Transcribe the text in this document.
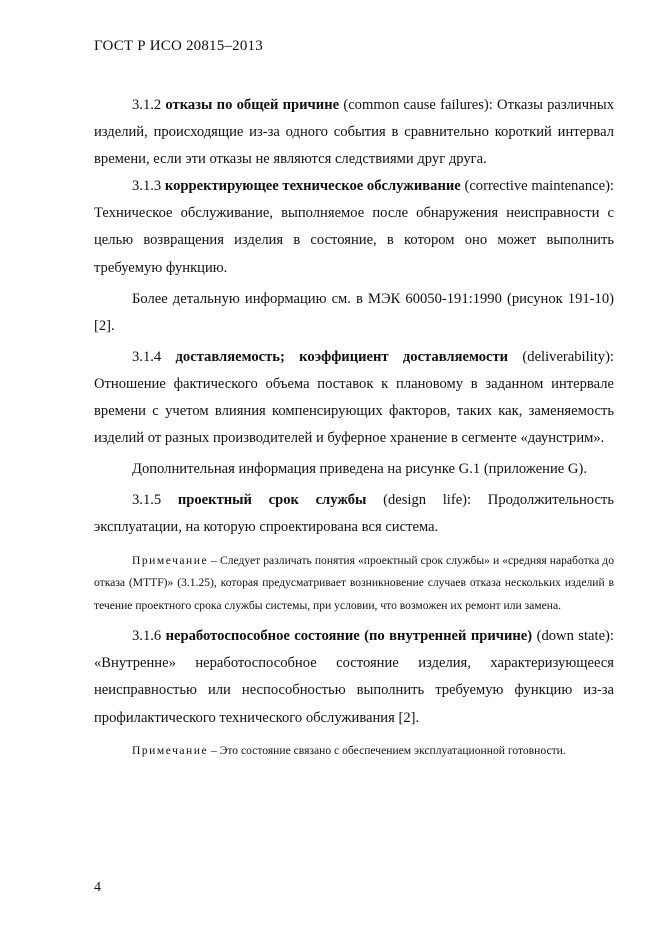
ГОСТ Р ИСО 20815–2013

3.1.2 отказы по общей причине (common cause failures): Отказы различных изделий, происходящие из-за одного события в сравнительно короткий интервал времени, если эти отказы не являются следствиями друг друга.

3.1.3 корректирующее техническое обслуживание (corrective maintenance): Техническое обслуживание, выполняемое после обнаружения неисправности с целью возвращения изделия в состояние, в котором оно может выполнить требуемую функцию.

Более детальную информацию см. в МЭК 60050-191:1990 (рисунок 191-10) [2].

3.1.4 доставляемость; коэффициент доставляемости (deliverability): Отношение фактического объема поставок к плановому в заданном интервале времени с учетом влияния компенсирующих факторов, таких как, заменяемость изделий от разных производителей и буферное хранение в сегменте «даунстрим».

Дополнительная информация приведена на рисунке G.1 (приложение G).

3.1.5 проектный срок службы (design life): Продолжительность эксплуатации, на которую спроектирована вся система.

Примечание – Следует различать понятия «проектный срок службы» и «средняя наработка до отказа (MTTF)» (3.1.25), которая предусматривает возникновение случаев отказа нескольких изделий в течение проектного срока службы системы, при условии, что возможен их ремонт или замена.

3.1.6 неработоспособное состояние (по внутренней причине) (down state): «Внутренне» неработоспособное состояние изделия, характеризующееся неисправностью или неспособностью выполнить требуемую функцию из-за профилактического технического обслуживания [2].

Примечание – Это состояние связано с обеспечением эксплуатационной готовности.
4
